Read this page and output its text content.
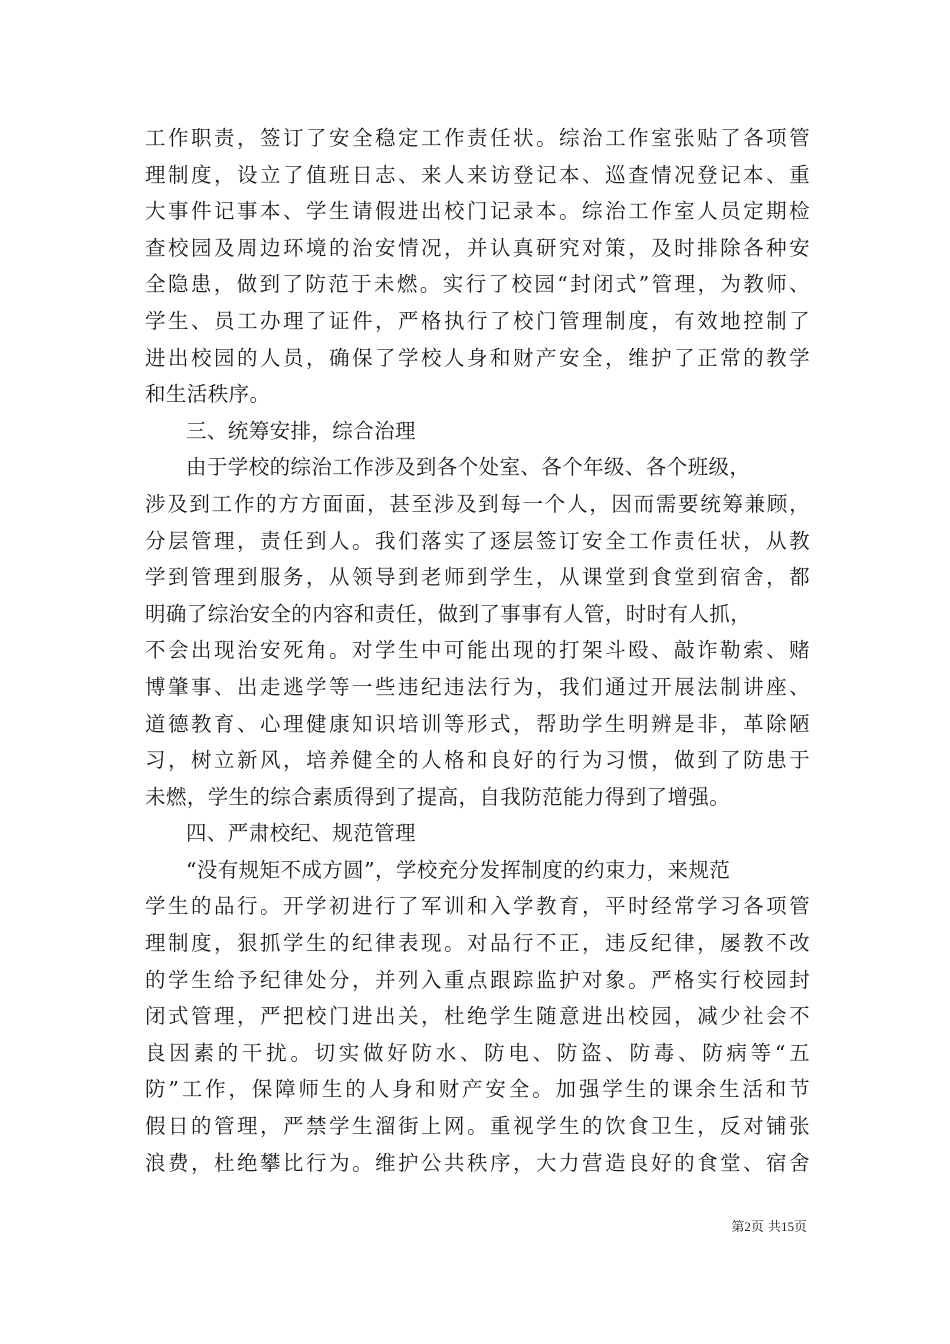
工作职责，签订了安全稳定工作责任状。综治工作室张贴了各项管
理制度，设立了值班日志、来人来访登记本、巡查情况登记本、重
大事件记事本、学生请假进出校门记录本。综治工作室人员定期检
查校园及周边环境的治安情况，并认真研究对策，及时排除各种安
全隐患，做到了防范于未燃。实行了校园“封闭式”管理，为教师、
学生、员工办理了证件，严格执行了校门管理制度，有效地控制了
进出校园的人员，确保了学校人身和财产安全，维护了正常的教学
和生活秩序。
三、统筹安排，综合治理
由于学校的综治工作涉及到各个处室、各个年级、各个班级，
涉及到工作的方方面面，甚至涉及到每一个人，因而需要统筹兼顾，
分层管理，责任到人。我们落实了逐层签订安全工作责任状，从教
学到管理到服务，从领导到老师到学生，从课堂到食堂到宿舍，都
明确了综治安全的内容和责任，做到了事事有人管，时时有人抓，
不会出现治安死角。对学生中可能出现的打架斗殴、敲诈勒索、赌
博肇事、出走逃学等一些违纪违法行为，我们通过开展法制讲座、
道德教育、心理健康知识培训等形式，帮助学生明辨是非，革除陋
习，树立新风，培养健全的人格和良好的行为习惯，做到了防患于
未燃，学生的综合素质得到了提高，自我防范能力得到了增强。
四、严肃校纪、规范管理
“没有规矩不成方圆”，学校充分发挥制度的约束力，来规范
学生的品行。开学初进行了军训和入学教育，平时经常学习各项管
理制度，狠抓学生的纪律表现。对品行不正，违反纪律，屡教不改
的学生给予纪律处分，并列入重点跟踪监护对象。严格实行校园封
闭式管理，严把校门进出关，杜绝学生随意进出校园，减少社会不
良因素的干扰。切实做好防水、防电、防盗、防毒、防病等“五
防”工作，保障师生的人身和财产安全。加强学生的课余生活和节
假日的管理，严禁学生溜街上网。重视学生的饮食卫生，反对铺张
浪费，杜绝攀比行为。维护公共秩序，大力营造良好的食堂、宿舍
第2页 共15页
